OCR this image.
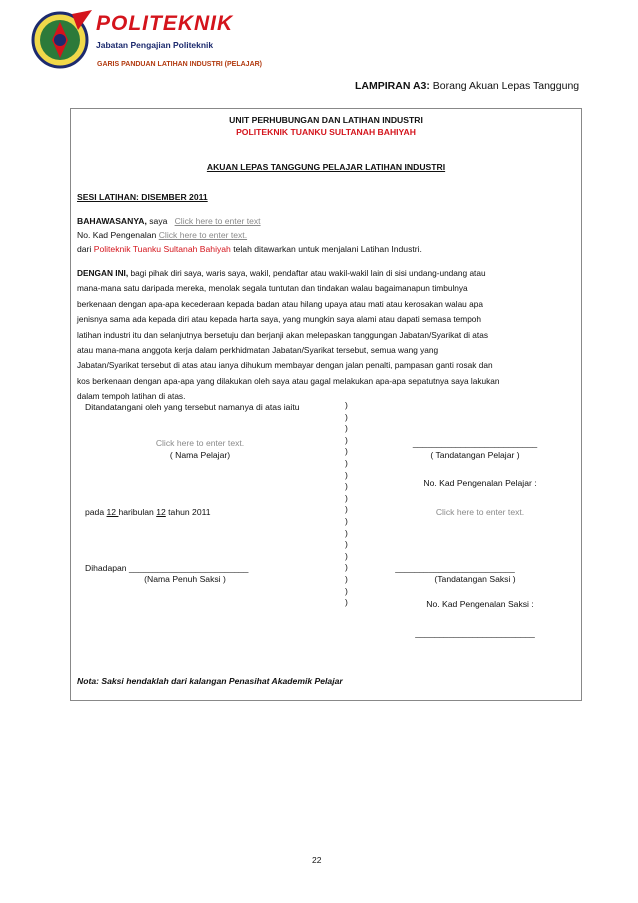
POLITEKNIK
Jabatan Pengajian Politeknik
GARIS PANDUAN LATIHAN INDUSTRI (PELAJAR)
LAMPIRAN A3: Borang Akuan Lepas Tanggung
UNIT PERHUBUNGAN DAN LATIHAN INDUSTRI
POLITEKNIK TUANKU SULTANAH BAHIYAH
AKUAN LEPAS TANGGUNG PELAJAR LATIHAN INDUSTRI
SESI LATIHAN: DISEMBER 2011
BAHAWASANYA, saya Click here to enter text
No. Kad Pengenalan Click here to enter text.
dari Politeknik Tuanku Sultanah Bahiyah telah ditawarkan untuk menjalani Latihan Industri.
DENGAN INI, bagi pihak diri saya, waris saya, wakil, pendaftar atau wakil-wakil lain di sisi undang-undang atau
mana-mana satu daripada mereka, menolak segala tuntutan dan tindakan walau bagaimanapun timbulnya
berkenaan dengan apa-apa kecederaan kepada badan atau hilang upaya atau mati atau kerosakan walau apa
jenisnya sama ada kepada diri atau kepada harta saya, yang mungkin saya alami atau dapati semasa tempoh
latihan industri itu dan selanjutnya bersetuju dan berjanji akan melepaskan tanggungan Jabatan/Syarikat di atas
atau mana-mana anggota kerja dalam perkhidmatan Jabatan/Syarikat tersebut, semua wang yang
Jabatan/Syarikat tersebut di atas atau ianya dihukum membayar dengan jalan penalti, pampasan ganti rosak dan
kos berkenaan dengan apa-apa yang dilakukan oleh saya atau gagal melakukan apa-apa sepatutnya saya lakukan
dalam tempoh latihan di atas.
Ditandatangani oleh yang tersebut namanya di atas iaitu
Click here to enter text.
( Nama Pelajar)
pada 12 haribulan 12 tahun 2011
Dihadapan _________________________
(Nama Penuh Saksi )
)
)
)
)
)
)
)
)
)
)
)
)
)
)
)
)
)
)
__________________________
( Tandatangan Pelajar )
No. Kad Pengenalan Pelajar :
Click here to enter text.
_________________________
(Tandatangan Saksi )
No. Kad Pengenalan Saksi :
_________________________
Nota: Saksi hendaklah dari kalangan Penasihat Akademik Pelajar
22
